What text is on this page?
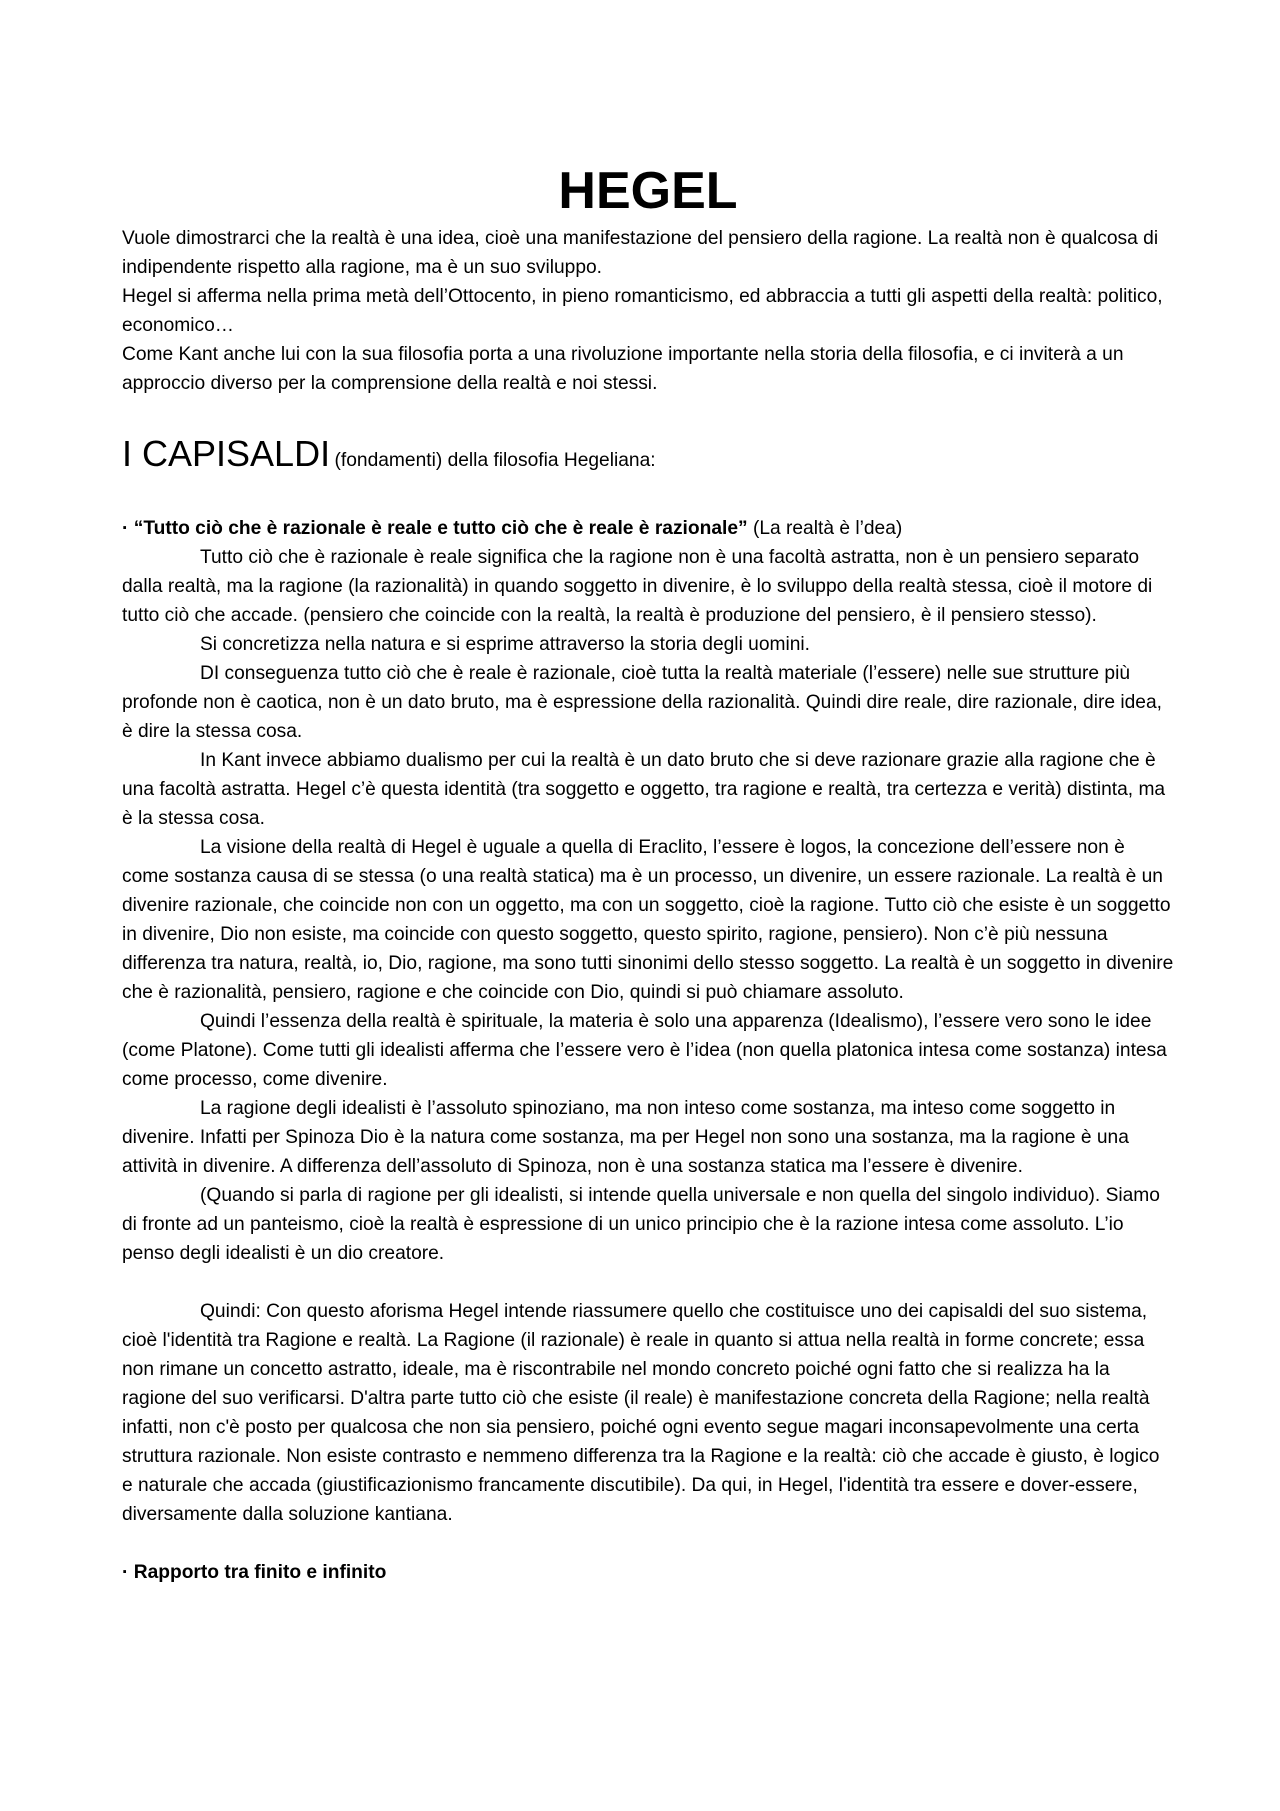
HEGEL

Vuole dimostrarci che la realtà è una idea, cioè una manifestazione del pensiero della ragione. La realtà non è qualcosa di indipendente rispetto alla ragione, ma è un suo sviluppo.

Hegel si afferma nella prima metà dell’Ottocento, in pieno romanticismo, ed abbraccia a tutti gli aspetti della realtà: politico, economico…

Come Kant anche lui con la sua filosofia porta a una rivoluzione importante nella storia della filosofia, e ci inviterà a un approccio diverso per la comprensione della realtà e noi stessi.

I CAPISALDI (fondamenti) della filosofia Hegeliana:

· “Tutto ciò che è razionale è reale e tutto ciò che è reale è razionale” (La realtà è l’dea)

Tutto ciò che è razionale è reale significa che la ragione non è una facoltà astratta, non è un pensiero separato dalla realtà, ma la ragione (la razionalità) in quando soggetto in divenire, è lo sviluppo della realtà stessa, cioè il motore di tutto ciò che accade. (pensiero che coincide con la realtà, la realtà è produzione del pensiero, è il pensiero stesso).

Si concretizza nella natura e si esprime attraverso la storia degli uomini.

DI conseguenza tutto ciò che è reale è razionale, cioè tutta la realtà materiale (l’essere) nelle sue strutture più profonde non è caotica, non è un dato bruto, ma è espressione della razionalità. Quindi dire reale, dire razionale, dire idea, è dire la stessa cosa.

In Kant invece abbiamo dualismo per cui la realtà è un dato bruto che si deve razionare grazie alla ragione che è una facoltà astratta. Hegel c’è questa identità (tra soggetto e oggetto, tra ragione e realtà, tra certezza e verità) distinta, ma è la stessa cosa.

La visione della realtà di Hegel è uguale a quella di Eraclito, l’essere è logos, la concezione dell’essere non è come sostanza causa di se stessa (o una realtà statica) ma è un processo, un divenire, un essere razionale. La realtà è un divenire razionale, che coincide non con un oggetto, ma con un soggetto, cioè la ragione. Tutto ciò che esiste è un soggetto in divenire, Dio non esiste, ma coincide con questo soggetto, questo spirito, ragione, pensiero). Non c’è più nessuna differenza tra natura, realtà, io, Dio, ragione, ma sono tutti sinonimi dello stesso soggetto. La realtà è un soggetto in divenire che è razionalità, pensiero, ragione e che coincide con Dio, quindi si può chiamare assoluto.

Quindi l’essenza della realtà è spirituale, la materia è solo una apparenza (Idealismo), l’essere vero sono le idee (come Platone). Come tutti gli idealisti afferma che l’essere vero è l’idea (non quella platonica intesa come sostanza) intesa come processo, come divenire.

La ragione degli idealisti è l’assoluto spinoziano, ma non inteso come sostanza, ma inteso come soggetto in divenire. Infatti per Spinoza Dio è la natura come sostanza, ma per Hegel non sono una sostanza, ma la ragione è una attività in divenire. A differenza dell’assoluto di Spinoza, non è una sostanza statica ma l’essere è divenire.

(Quando si parla di ragione per gli idealisti, si intende quella universale e non quella del singolo individuo). Siamo di fronte ad un panteismo, cioè la realtà è espressione di un unico principio che è la razione intesa come assoluto. L’io penso degli idealisti è un dio creatore.

Quindi: Con questo aforisma Hegel intende riassumere quello che costituisce uno dei capisaldi del suo sistema, cioè l'identità tra Ragione e realtà. La Ragione (il razionale) è reale in quanto si attua nella realtà in forme concrete; essa non rimane un concetto astratto, ideale, ma è riscontrabile nel mondo concreto poiché ogni fatto che si realizza ha la ragione del suo verificarsi. D'altra parte tutto ciò che esiste (il reale) è manifestazione concreta della Ragione; nella realtà infatti, non c'è posto per qualcosa che non sia pensiero, poiché ogni evento segue magari inconsapevolmente una certa struttura razionale. Non esiste contrasto e nemmeno differenza tra la Ragione e la realtà: ciò che accade è giusto, è logico e naturale che accada (giustificazionismo francamente discutibile). Da qui, in Hegel, l'identità tra essere e dover-essere, diversamente dalla soluzione kantiana.

· Rapporto tra finito e infinito
